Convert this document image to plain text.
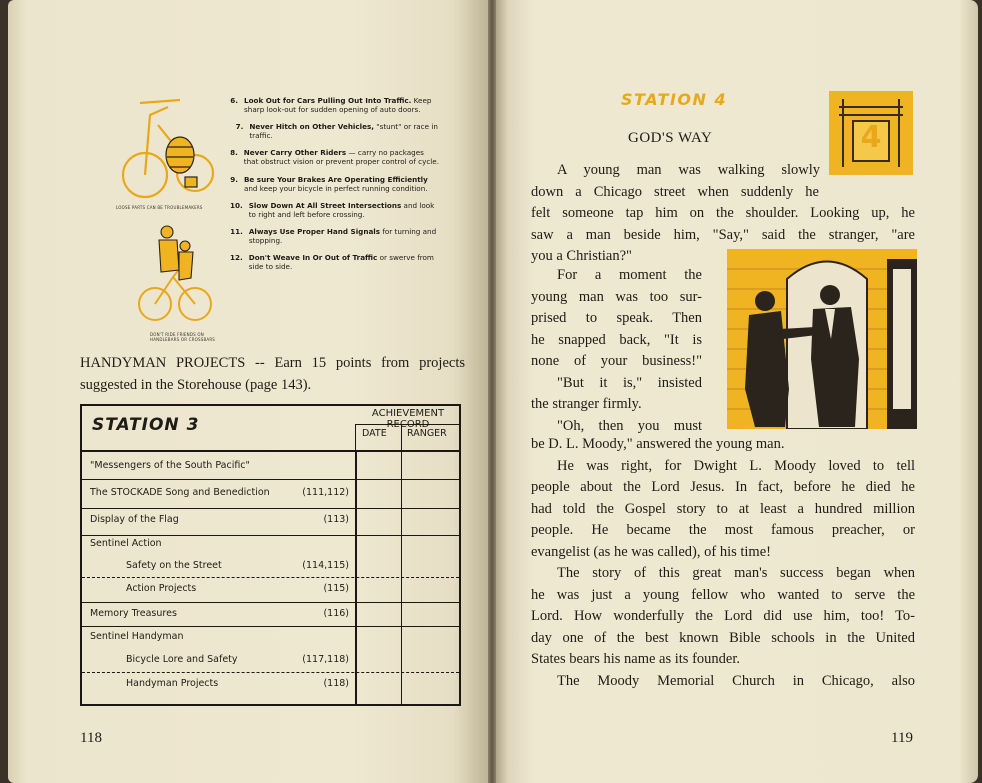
LOOSE PARTS CAN BE TROUBLEMAKERS
DON'T RIDE FRIENDS ON HANDLEBARS OR CROSSBARS
6. Look Out for Cars Pulling Out Into Traffic. Keep sharp look-out for sudden opening of auto doors.
7. Never Hitch on Other Vehicles, "stunt" or race in traffic.
8. Never Carry Other Riders — carry no packages that obstruct vision or prevent proper control of cycle.
9. Be sure Your Brakes Are Operating Efficiently and keep your bicycle in perfect running condition.
10. Slow Down At All Street Intersections and look to right and left before crossing.
11. Always Use Proper Hand Signals for turning and stopping.
12. Don't Weave In Or Out of Traffic or swerve from side to side.
HANDYMAN PROJECTS -- Earn 15 points from projects suggested in the Storehouse (page 143).
STATION 3
ACHIEVEMENT RECORD
DATE RANGER
"Messengers of the South Pacific"
The STOCKADE Song and Benediction	(111,112)
Display of the Flag	(113)
Sentinel Action
Safety on the Street	(114,115)
Action Projects	(115)
Memory Treasures	(116)
Sentinel Handyman
Bicycle Lore and Safety	(117,118)
Handyman Projects	(118)
118
STATION 4
4
GOD'S WAY
A young man was walking slowly
down a Chicago street when suddenly he
felt someone tap him on the shoulder. Looking up, he
saw a man beside him, "Say," said the stranger, "are
you a Christian?"
For a moment the
young man was too sur-
prised to speak. Then
he snapped back, "It is
none of your business!"
"But it is," insisted
the stranger firmly.
"Oh, then you must
be D. L. Moody," answered the young man.
He was right, for Dwight L. Moody loved to tell
people about the Lord Jesus. In fact, before he died he
had told the Gospel story to at least a hundred million
people. He became the most famous preacher, or
evangelist (as he was called), of his time!
The story of this great man's success began when
he was just a young fellow who wanted to serve the
Lord. How wonderfully the Lord did use him, too! To-
day one of the best known Bible schools in the United
States bears his name as its founder.
The Moody Memorial Church in Chicago, also
119
